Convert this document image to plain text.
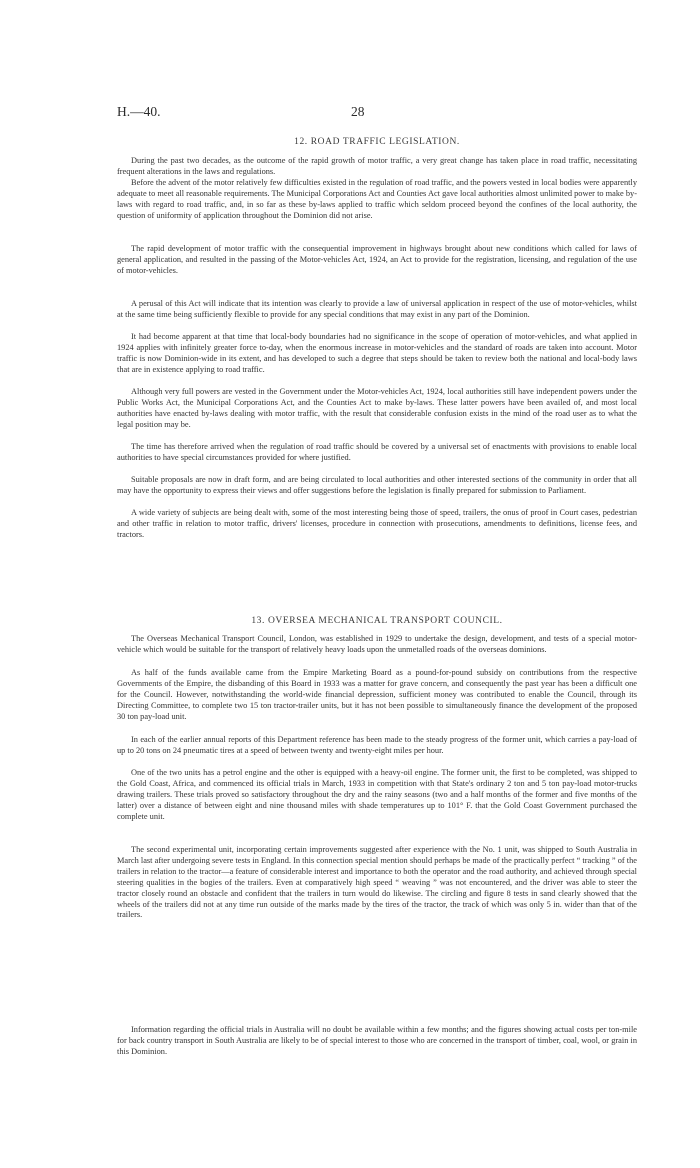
H.—40.	28
12. ROAD TRAFFIC LEGISLATION.

During the past two decades, as the outcome of the rapid growth of motor traffic, a very great change has taken place in road traffic, necessitating frequent alterations in the laws and regulations.

Before the advent of the motor relatively few difficulties existed in the regulation of road traffic, and the powers vested in local bodies were apparently adequate to meet all reasonable requirements. The Municipal Corporations Act and Counties Act gave local authorities almost unlimited power to make by-laws with regard to road traffic, and, in so far as these by-laws applied to traffic which seldom proceed beyond the confines of the local authority, the question of uniformity of application throughout the Dominion did not arise.

The rapid development of motor traffic with the consequential improvement in highways brought about new conditions which called for laws of general application, and resulted in the passing of the Motor-vehicles Act, 1924, an Act to provide for the registration, licensing, and regulation of the use of motor-vehicles.

A perusal of this Act will indicate that its intention was clearly to provide a law of universal application in respect of the use of motor-vehicles, whilst at the same time being sufficiently flexible to provide for any special conditions that may exist in any part of the Dominion.

It had become apparent at that time that local-body boundaries had no significance in the scope of operation of motor-vehicles, and what applied in 1924 applies with infinitely greater force to-day, when the enormous increase in motor-vehicles and the standard of roads are taken into account. Motor traffic is now Dominion-wide in its extent, and has developed to such a degree that steps should be taken to review both the national and local-body laws that are in existence applying to road traffic.

Although very full powers are vested in the Government under the Motor-vehicles Act, 1924, local authorities still have independent powers under the Public Works Act, the Municipal Corporations Act, and the Counties Act to make by-laws. These latter powers have been availed of, and most local authorities have enacted by-laws dealing with motor traffic, with the result that considerable confusion exists in the mind of the road user as to what the legal position may be.

The time has therefore arrived when the regulation of road traffic should be covered by a universal set of enactments with provisions to enable local authorities to have special circumstances provided for where justified.

Suitable proposals are now in draft form, and are being circulated to local authorities and other interested sections of the community in order that all may have the opportunity to express their views and offer suggestions before the legislation is finally prepared for submission to Parliament.

A wide variety of subjects are being dealt with, some of the most interesting being those of speed, trailers, the onus of proof in Court cases, pedestrian and other traffic in relation to motor traffic, drivers' licenses, procedure in connection with prosecutions, amendments to definitions, license fees, and tractors.

13. OVERSEA MECHANICAL TRANSPORT COUNCIL.

The Overseas Mechanical Transport Council, London, was established in 1929 to undertake the design, development, and tests of a special motor-vehicle which would be suitable for the transport of relatively heavy loads upon the unmetalled roads of the overseas dominions.

As half of the funds available came from the Empire Marketing Board as a pound-for-pound subsidy on contributions from the respective Governments of the Empire, the disbanding of this Board in 1933 was a matter for grave concern, and consequently the past year has been a difficult one for the Council. However, notwithstanding the world-wide financial depression, sufficient money was contributed to enable the Council, through its Directing Committee, to complete two 15 ton tractor-trailer units, but it has not been possible to simultaneously finance the development of the proposed 30 ton pay-load unit.

In each of the earlier annual reports of this Department reference has been made to the steady progress of the former unit, which carries a pay-load of up to 20 tons on 24 pneumatic tires at a speed of between twenty and twenty-eight miles per hour.

One of the two units has a petrol engine and the other is equipped with a heavy-oil engine. The former unit, the first to be completed, was shipped to the Gold Coast, Africa, and commenced its official trials in March, 1933 in competition with that State's ordinary 2 ton and 5 ton pay-load motor-trucks drawing trailers. These trials proved so satisfactory throughout the dry and the rainy seasons (two and a half months of the former and five months of the latter) over a distance of between eight and nine thousand miles with shade temperatures up to 101° F. that the Gold Coast Government purchased the complete unit.

The second experimental unit, incorporating certain improvements suggested after experience with the No. 1 unit, was shipped to South Australia in March last after undergoing severe tests in England. In this connection special mention should perhaps be made of the practically perfect “ tracking ” of the trailers in relation to the tractor—a feature of considerable interest and importance to both the operator and the road authority, and achieved through special steering qualities in the bogies of the trailers. Even at comparatively high speed “ weaving ” was not encountered, and the driver was able to steer the tractor closely round an obstacle and confident that the trailers in turn would do likewise. The circling and figure 8 tests in sand clearly showed that the wheels of the trailers did not at any time run outside of the marks made by the tires of the tractor, the track of which was only 5 in. wider than that of the trailers.

Information regarding the official trials in Australia will no doubt be available within a few months; and the figures showing actual costs per ton-mile for back country transport in South Australia are likely to be of special interest to those who are concerned in the transport of timber, coal, wool, or grain in this Dominion.
